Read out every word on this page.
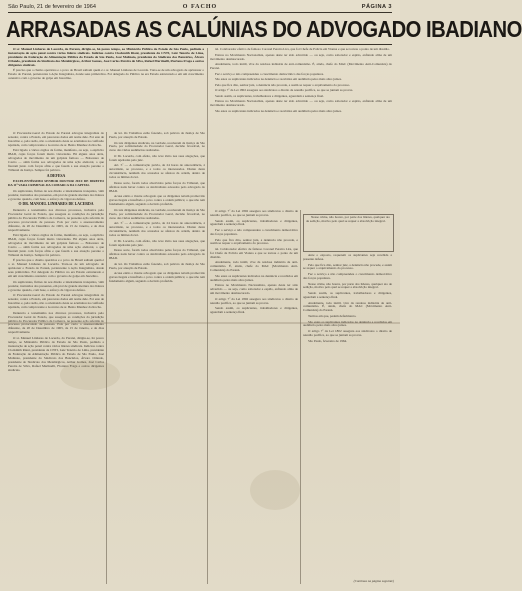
São Paulo, 21 de fevereiro de 1964	O FACHO	PÁGINA 3
ARRASADAS AS CALÚNIAS DO ADVOGADO IBADIANO

O sr. Manuel Linhares de Lacerda, do Paraná, dirigiu-se, há pouco tempo, ao Ministério Público do Estado de São Paulo, pedindo a instauração de ação penal contra vários líderes sindicais. Indiciou contra Clodsmith Riani, presidente da CNTI, Luiz Tenório de Lima, presidente da Federação de Alimentação Pública do Estado de São Paulo, José Molinaio, presidente do Sindicato dos Bancários, Álvaro Orlando, presidente do Sindicato dos Metalúrgicos, Arthur Gomes, José Carlos Pereira de Silva, Rafael Martinelli, Floriano Fraga e outros dirigentes sindicais.

É preciso que o chamo operários e o povo do Brasil saibam quem é o sr. Manuel Linhares de Lacerda. Trata-se de um advogado de aprisionar o Estado do Paraná, pertencente à Ação Integralista, donde seus primórdios. Foi delegado do Público na era Estado estruturado e em um crescimento ostensivo com o governo de golpe em Juscelino.

O Procurador-Geral do Estado de Paraná advogou integralista do senador, contra a Estado, em pareceres dados em nome dele. Foi este de Juscelino e, pela razão, não a orientando deste se acumulou na confissão rejeitada, com comprovante a Governo de sr. Bento Munhoz da Rocha.

Está ligado a vários órgãos da forma, manifesto, ou seja, o explícito IBAD, cujas forças foram muito vistoriadas. Há alguns anos atrás, advogados do movimento de um golpista famoso — Bolsonaro de Castro — além forma aos advogados de uma ação eleitoral, o que fizeram junto com forças afins e que fazem a sua atuação perante o Tribunal de Justiça. Sempre foi palavra.

A DEFESA

EXCELENTÍSSIMO SENHOR DOUTOR JUIZ DE DIREITO DA 11ª VARA CRIMINAL DA COMARCA DA CAPITAL

Os suplicantes, firmes de seu direito e inteiramente tranquilos, vêm postular, instruídos dos presentes, em prol de grande abertura dos líderes e governo quando, com base, o esforço da vigorosa defesa.

O DR. MANOEL LINHARES DE LACERDA

Denuncia e testemunha nos diversos processos, inclusive pelo Procurador Geral do Estado, que assegura as condições da jurisdição pública do Procurador Público da Comarca, na presente ação referida do processo protocolado de pessoas. Pois por certo o assessoramento diferente, de 20 de Dezembro de 1963, de 15 de Janeiro, e de dias respectivamente.

Está ligado a vários órgãos da forma, manifesto, ou seja, o explícito IBAD, cujas forças foram muito vistoriadas. Há alguns anos atrás, advogados do movimento de um golpista famoso — Bolsonaro de Castro — além forma aos advogados de uma ação eleitoral, o que fizeram junto com forças afins e que fazem a sua atuação perante o Tribunal de Justiça. Sempre foi palavra.

É preciso que o chamo operários e o povo do Brasil saibam quem é o sr. Manuel Linhares de Lacerda. Trata-se de um advogado de aprisionar o Estado do Paraná, pertencente à Ação Integralista, donde seus primórdios. Foi delegado do Público na era Estado estruturado e em um crescimento ostensivo com o governo de golpe em Juscelino.

Os suplicantes, firmes de seu direito e inteiramente tranquilos, vêm postular, instruídos dos presentes, em prol de grande abertura dos líderes e governo quando, com base, o esforço da vigorosa defesa.

O Procurador-Geral do Estado de Paraná advogou integralista do senador, contra a Estado, em pareceres dados em nome dele. Foi este de Juscelino e, pela razão, não a orientando deste se acumulou na confissão rejeitada, com comprovante a Governo de sr. Bento Munhoz da Rocha.

Denuncia e testemunha nos diversos processos, inclusive pelo Procurador Geral do Estado, que assegura as condições da jurisdição pública do Procurador Público da Comarca, na presente ação referida do processo protocolado de pessoas. Pois por certo o assessoramento diferente, de 20 de Dezembro de 1963, de 15 de Janeiro, e de dias respectivamente.

O sr. Manuel Linhares de Lacerda, do Paraná, dirigiu-se, há pouco tempo, ao Ministério Público do Estado de São Paulo, pedindo a instauração de ação penal contra vários líderes sindicais. Indiciou contra Clodsmith Riani, presidente da CNTI, Luiz Tenório de Lima, presidente da Federação de Alimentação Pública do Estado de São Paulo, José Molinaio, presidente do Sindicato dos Bancários, Álvaro Orlando, presidente do Sindicato dos Metalúrgicos, Arthur Gomes, José Carlos Pereira de Silva, Rafael Martinelli, Floriano Fraga e outros dirigentes sindicais.

de lei. Os Trabalhos estão fazendo, sob palavra da Justiça de São Paulo, por atuação de Estado.

Os tais dirigentes sindicais, na verdade, receberam da Justiça de São Paulo, por solidariedade do Procurador Geral, decisão favorável, no curso das várias audiências realizadas.

O Dr. Lacerda, com efeito, não teve êxito nas suas alegações, que foram rejeitadas pelo juiz.

Art. 5º — A comunicação prévia, de 24 horas de antecedência, à autoridade, ao processo, e a todos os interessados. Diante desta circunstância, nenhum dos acusados se afastou da ordem, dentro de todos os limites da lei.

Dessa sorte, foram todos absolvidos pelas forças do Tribunal, que afirmou nada haver contra os sindicalistas acusados pelo advogado do IBAD.

Acusa então o ilustre advogado que os dirigentes teriam promovido greves ilegais e insuflado o povo contra a ordem pública; o que não tem fundamento algum, segundo a decisão proferida.

Os tais dirigentes sindicais, na verdade, receberam da Justiça de São Paulo, por solidariedade do Procurador Geral, decisão favorável, no curso das várias audiências realizadas.

Art. 5º — A comunicação prévia, de 24 horas de antecedência, à autoridade, ao processo, e a todos os interessados. Diante desta circunstância, nenhum dos acusados se afastou da ordem, dentro de todos os limites da lei.

O Dr. Lacerda, com efeito, não teve êxito nas suas alegações, que foram rejeitadas pelo juiz.

Dessa sorte, foram todos absolvidos pelas forças do Tribunal, que afirmou nada haver contra os sindicalistas acusados pelo advogado do IBAD.

de lei. Os Trabalhos estão fazendo, sob palavra da Justiça de São Paulo, por atuação de Estado.

Acusa então o ilustre advogado que os dirigentes teriam promovido greves ilegais e insuflado o povo contra a ordem pública; o que não tem fundamento algum, segundo a decisão proferida.

tal. Colaborador efetivo de famoso Coronel Pereira Lira, que foi Chefe de Polícia em Vianna e que se tornou o ponto de um dissídio.

Entrou no Movimento Nacionalista, apenas deste ter sido advertido — ou seja, como sabotador e espião, enfiando alma de um movimento desmascarado.

Atualmente, todo inútil, vive da rendosa indústria de anti-comunismo. É, ainda, chefe do MAC (Movimento Anti-Comunista) do Paraná.

Fez o serviço e não compreendeu o crescimento democrático das forças populares.

São estes os suplicantes indicados na denúncia e recebidos em audiência pelos mais altos juízes.

Pelo que fica dito, senhor juiz, a denúncia não procede, e assim se requer o arquivamento do processo.

O artigo 7º da Lei 1802 assegura aos sindicatos o direito de reunião pacífica, ao que se juntam as provas.

Sendo assim, os suplicantes, trabalhadores e dirigentes, aguardam a sentença final.

Entrou no Movimento Nacionalista, apenas deste ter sido advertido — ou seja, como sabotador e espião, enfiando alma de um movimento desmascarado.

São estes os suplicantes indicados na denúncia e recebidos em audiência pelos mais altos juízes.

O artigo 7º da Lei 1802 assegura aos sindicatos o direito de reunião pacífica, ao que se juntam as provas.

Sendo assim, os suplicantes, trabalhadores e dirigentes, aguardam a sentença final.

Fez o serviço e não compreendeu o crescimento democrático das forças populares.

Pelo que fica dito, senhor juiz, a denúncia não procede, e assim se requer o arquivamento do processo.

tal. Colaborador efetivo de famoso Coronel Pereira Lira, que foi Chefe de Polícia em Vianna e que se tornou o ponto de um dissídio.

Atualmente, todo inútil, vive da rendosa indústria de anti-comunismo. É, ainda, chefe do MAC (Movimento Anti-Comunista) do Paraná.

São estes os suplicantes indicados na denúncia e recebidos em audiência pelos mais altos juízes.

Entrou no Movimento Nacionalista, apenas deste ter sido advertido — ou seja, como sabotador e espião, enfiando alma de um movimento desmascarado.

O artigo 7º da Lei 1802 assegura aos sindicatos o direito de reunião pacífica, ao que se juntam as provas.

Sendo assim, os suplicantes, trabalhadores e dirigentes, aguardam a sentença final.

Nesse crime, não houve, por parte dos líderes, qualquer ato de sedição, motivo pelo qual se requer a absolvição integral.

Ante o exposto, requerem os suplicantes seja recebida a presente defesa.

Pelo que fica dito, senhor juiz, a denúncia não procede, e assim se requer o arquivamento do processo.

Fez o serviço e não compreendeu o crescimento democrático das forças populares.

Nesse crime, não houve, por parte dos líderes, qualquer ato de sedição, motivo pelo qual se requer a absolvição integral.

Sendo assim, os suplicantes, trabalhadores e dirigentes, aguardam a sentença final.

Atualmente, todo inútil, vive da rendosa indústria de anti-comunismo. É, ainda, chefe do MAC (Movimento Anti-Comunista) do Paraná.

Termos em que, pedem deferimento.

São estes os suplicantes indicados na denúncia e recebidos em audiência pelos mais altos juízes.

O artigo 7º da Lei 1802 assegura aos sindicatos o direito de reunião pacífica, ao que se juntam as provas.

São Paulo, fevereiro de 1964.

(Continua na página seguinte)
